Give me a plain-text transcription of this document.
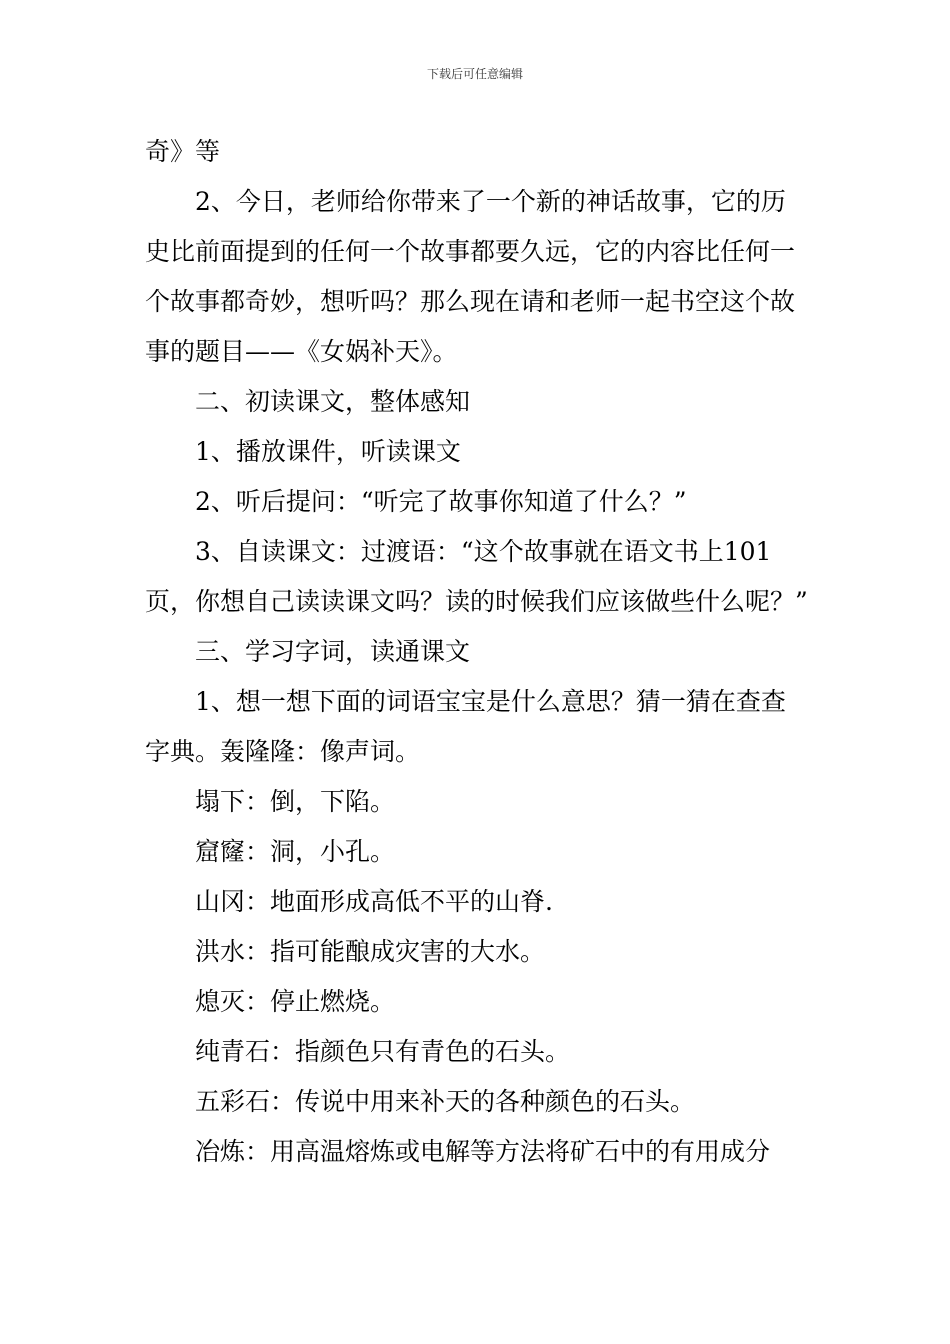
下载后可任意编辑

奇》等

2、今日，老师给你带来了一个新的神话故事，它的历史比前面提到的任何一个故事都要久远，它的内容比任何一个故事都奇妙，想听吗？那么现在请和老师一起书空这个故事的题目——《女娲补天》。

二、初读课文，整体感知

1、播放课件，听读课文

2、听后提问：“听完了故事你知道了什么？”

3、自读课文：过渡语：“这个故事就在语文书上101页，你想自己读读课文吗？读的时候我们应该做些什么呢？”

三、学习字词，读通课文

1、想一想下面的词语宝宝是什么意思？猜一猜在查查字典。轰隆隆：像声词。

塌下：倒，下陷。

窟窿：洞，小孔。

山冈：地面形成高低不平的山脊.

洪水：指可能酿成灾害的大水。

熄灭：停止燃烧。

纯青石：指颜色只有青色的石头。

五彩石：传说中用来补天的各种颜色的石头。

冶炼：用高温熔炼或电解等方法将矿石中的有用成分
